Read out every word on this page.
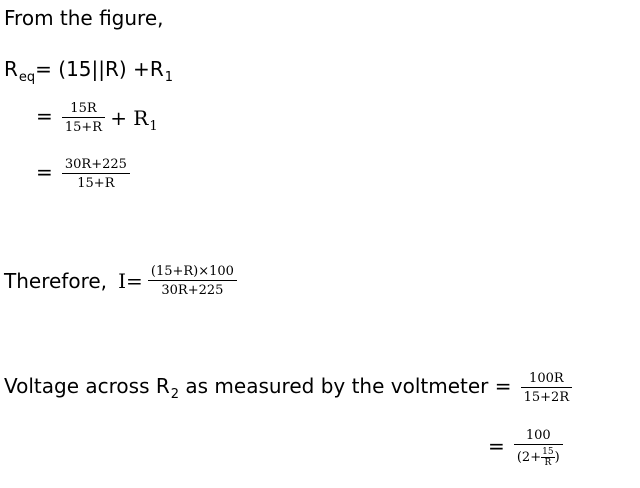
From the figure,
$R_{eq}= (15||R) +R_1$
= $\frac{15R}{15+R} + R_1$
= $\frac{30R+225}{15+R}$
Therefore, $I= \frac{(15+R)\times 100}{30R+225}$
Voltage across $R_2$ as measured by the voltmeter = $\frac{100R}{15+2R}$
= $\frac{100}{(2+ \frac{15}{R} )}$
